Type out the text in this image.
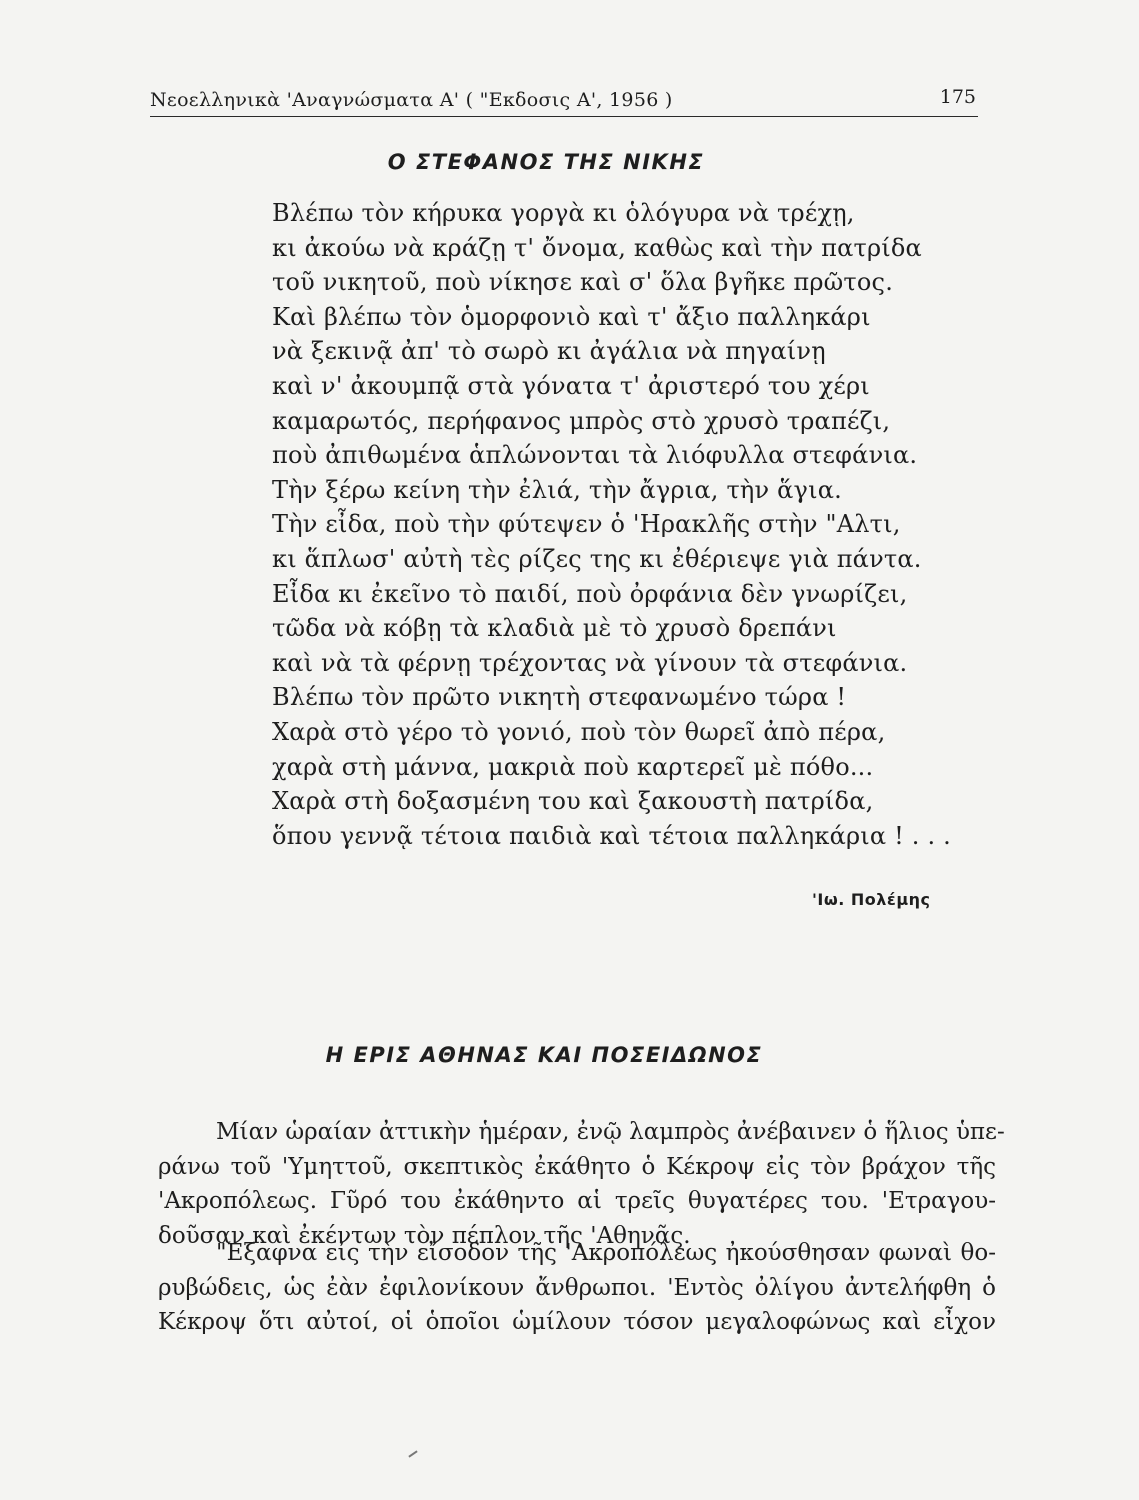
Νεοελληνικὰ 'Αναγνώσματα Α' ( "Εκδοσις Α', 1956 )	175
Ο ΣΤΕΦΑΝΟΣ ΤΗΣ ΝΙΚΗΣ
Βλέπω τὸν κήρυκα γοργὰ κι ὁλόγυρα νὰ τρέχῃ,
κι ἀκούω νὰ κράζῃ τ' ὄνομα, καθὼς καὶ τὴν πατρίδα
τοῦ νικητοῦ, ποὺ νίκησε καὶ σ' ὅλα βγῆκε πρῶτος.
Καὶ βλέπω τὸν ὁμορφονιὸ καὶ τ' ἄξιο παλληκάρι
νὰ ξεκινᾷ ἀπ' τὸ σωρὸ κι ἀγάλια νὰ πηγαίνῃ
καὶ ν' ἀκουμπᾷ στὰ γόνατα τ' ἀριστερό του χέρι
καμαρωτός, περήφανος μπρὸς στὸ χρυσὸ τραπέζι,
ποὺ ἀπιθωμένα ἁπλώνονται τὰ λιόφυλλα στεφάνια.
Τὴν ξέρω κείνη τὴν ἐλιά, τὴν ἄγρια, τὴν ἅγια.
Τὴν εἶδα, ποὺ τὴν φύτεψεν ὁ 'Ηρακλῆς στὴν "Αλτι,
κι ἅπλωσ' αὐτὴ τὲς ρίζες της κι ἐθέριεψε γιὰ πάντα.
Εἶδα κι ἐκεῖνο τὸ παιδί, ποὺ ὀρφάνια δὲν γνωρίζει,
τῶδα νὰ κόβῃ τὰ κλαδιὰ μὲ τὸ χρυσὸ δρεπάνι
καὶ νὰ τὰ φέρνῃ τρέχοντας νὰ γίνουν τὰ στεφάνια.
Βλέπω τὸν πρῶτο νικητὴ στεφανωμένο τώρα !
Χαρὰ στὸ γέρο τὸ γονιό, ποὺ τὸν θωρεῖ ἀπὸ πέρα,
χαρὰ στὴ μάννα, μακριὰ ποὺ καρτερεῖ μὲ πόθο...
Χαρὰ στὴ δοξασμένη του καὶ ξακουστὴ πατρίδα,
ὅπου γεννᾷ τέτοια παιδιὰ καὶ τέτοια παλληκάρια ! . . .
'Ιω. Πολέμης
Η ΕΡΙΣ ΑΘΗΝΑΣ ΚΑΙ ΠΟΣΕΙΔΩΝΟΣ

Μίαν ὡραίαν ἀττικὴν ἡμέραν, ἐνῷ λαμπρὸς ἀνέβαινεν ὁ ἥλιος ὑπε-
ράνω τοῦ 'Υμηττοῦ, σκεπτικὸς ἐκάθητο ὁ Κέκροψ εἰς τὸν βράχον τῆς
'Ακροπόλεως. Γῦρό του ἐκάθηντο αἱ τρεῖς θυγατέρες του. 'Ετραγου-
δοῦσαν καὶ ἐκέντων τὸν πέπλον τῆς 'Αθηνᾶς.

"Εξαφνα εἰς τὴν εἴσοδον τῆς 'Ακροπόλεως ἠκούσθησαν φωναὶ θο-
ρυβώδεις, ὡς ἐὰν ἐφιλονίκουν ἄνθρωποι. 'Εντὸς ὀλίγου ἀντελήφθη ὁ
Κέκροψ ὅτι αὐτοί, οἱ ὁποῖοι ὡμίλουν τόσον μεγαλοφώνως καὶ εἶχον
